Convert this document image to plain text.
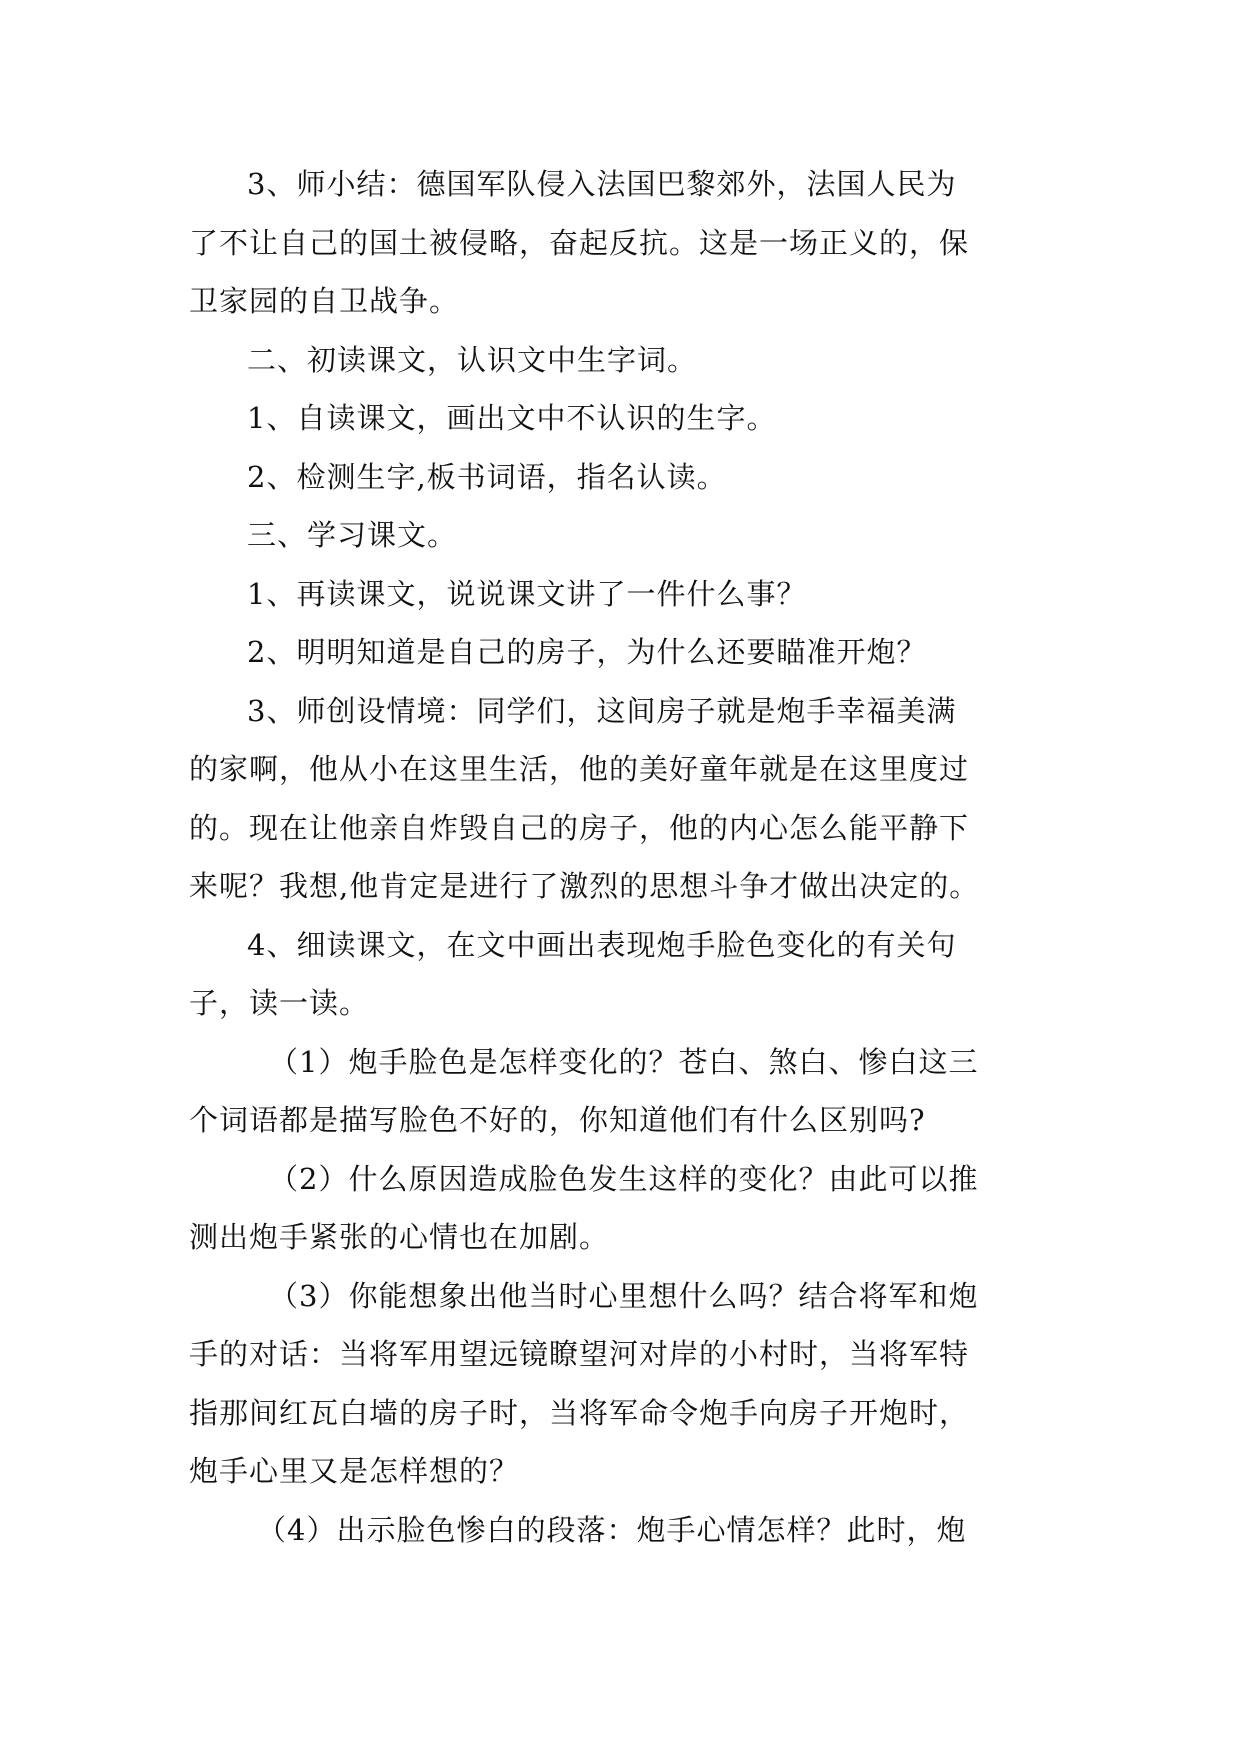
3、师小结：德国军队侵入法国巴黎郊外，法国人民为
了不让自己的国土被侵略，奋起反抗。这是一场正义的，保
卫家园的自卫战争。
二、初读课文，认识文中生字词。
1、自读课文，画出文中不认识的生字。
2、检测生字,板书词语，指名认读。
三、学习课文。
1、再读课文，说说课文讲了一件什么事？
2、明明知道是自己的房子，为什么还要瞄准开炮？
3、师创设情境：同学们，这间房子就是炮手幸福美满
的家啊，他从小在这里生活，他的美好童年就是在这里度过
的。现在让他亲自炸毁自己的房子，他的内心怎么能平静下
来呢？我想,他肯定是进行了激烈的思想斗争才做出决定的。
4、细读课文，在文中画出表现炮手脸色变化的有关句
子，读一读。
（1）炮手脸色是怎样变化的？苍白、煞白、惨白这三
个词语都是描写脸色不好的，你知道他们有什么区别吗?
（2）什么原因造成脸色发生这样的变化？由此可以推
测出炮手紧张的心情也在加剧。
（3）你能想象出他当时心里想什么吗？结合将军和炮
手的对话：当将军用望远镜瞭望河对岸的小村时，当将军特
指那间红瓦白墙的房子时，当将军命令炮手向房子开炮时，
炮手心里又是怎样想的？
（4）出示脸色惨白的段落：炮手心情怎样？此时，炮
